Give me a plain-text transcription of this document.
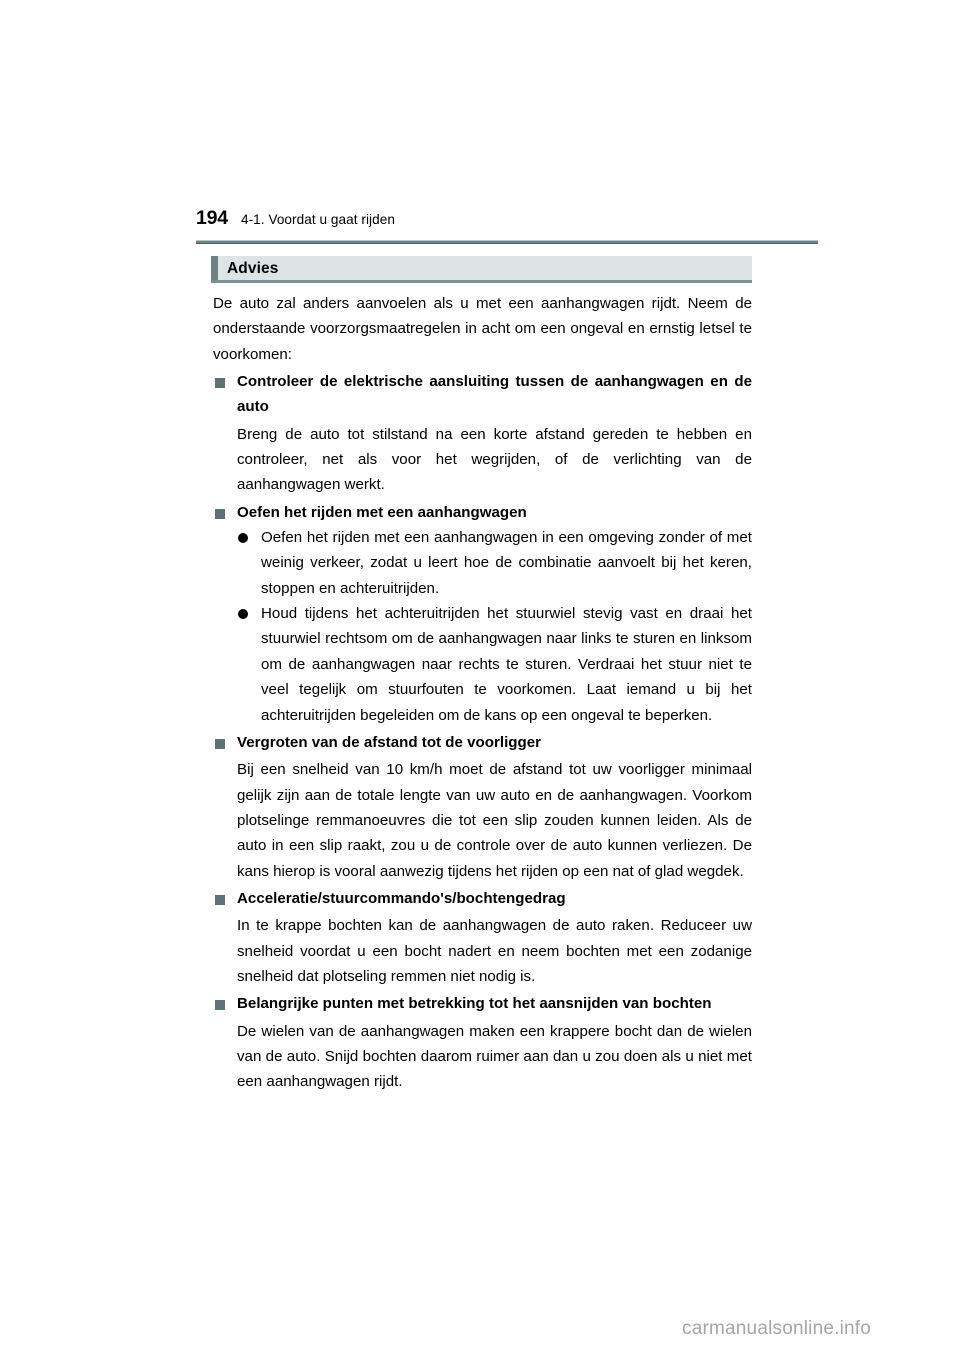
194 4-1. Voordat u gaat rijden
Advies

De auto zal anders aanvoelen als u met een aanhangwagen rijdt. Neem de onderstaande voorzorgsmaatregelen in acht om een ongeval en ernstig letsel te voorkomen:

Controleer de elektrische aansluiting tussen de aanhangwagen en de auto

Breng de auto tot stilstand na een korte afstand gereden te hebben en controleer, net als voor het wegrijden, of de verlichting van de aanhangwagen werkt.

Oefen het rijden met een aanhangwagen
Oefen het rijden met een aanhangwagen in een omgeving zonder of met weinig verkeer, zodat u leert hoe de combinatie aanvoelt bij het keren, stoppen en achteruitrijden.
Houd tijdens het achteruitrijden het stuurwiel stevig vast en draai het stuurwiel rechtsom om de aanhangwagen naar links te sturen en linksom om de aanhangwagen naar rechts te sturen. Verdraai het stuur niet te veel tegelijk om stuurfouten te voorkomen. Laat iemand u bij het achteruitrijden begeleiden om de kans op een ongeval te beperken.
Vergroten van de afstand tot de voorligger

Bij een snelheid van 10 km/h moet de afstand tot uw voorligger minimaal gelijk zijn aan de totale lengte van uw auto en de aanhangwagen. Voorkom plotselinge remmanoeuvres die tot een slip zouden kunnen leiden. Als de auto in een slip raakt, zou u de controle over de auto kunnen verliezen. De kans hierop is vooral aanwezig tijdens het rijden op een nat of glad wegdek.

Acceleratie/stuurcommando's/bochtengedrag

In te krappe bochten kan de aanhangwagen de auto raken. Reduceer uw snelheid voordat u een bocht nadert en neem bochten met een zodanige snelheid dat plotseling remmen niet nodig is.

Belangrijke punten met betrekking tot het aansnijden van bochten

De wielen van de aanhangwagen maken een krappere bocht dan de wielen van de auto. Snijd bochten daarom ruimer aan dan u zou doen als u niet met een aanhangwagen rijdt.

carmanualsonline.info
